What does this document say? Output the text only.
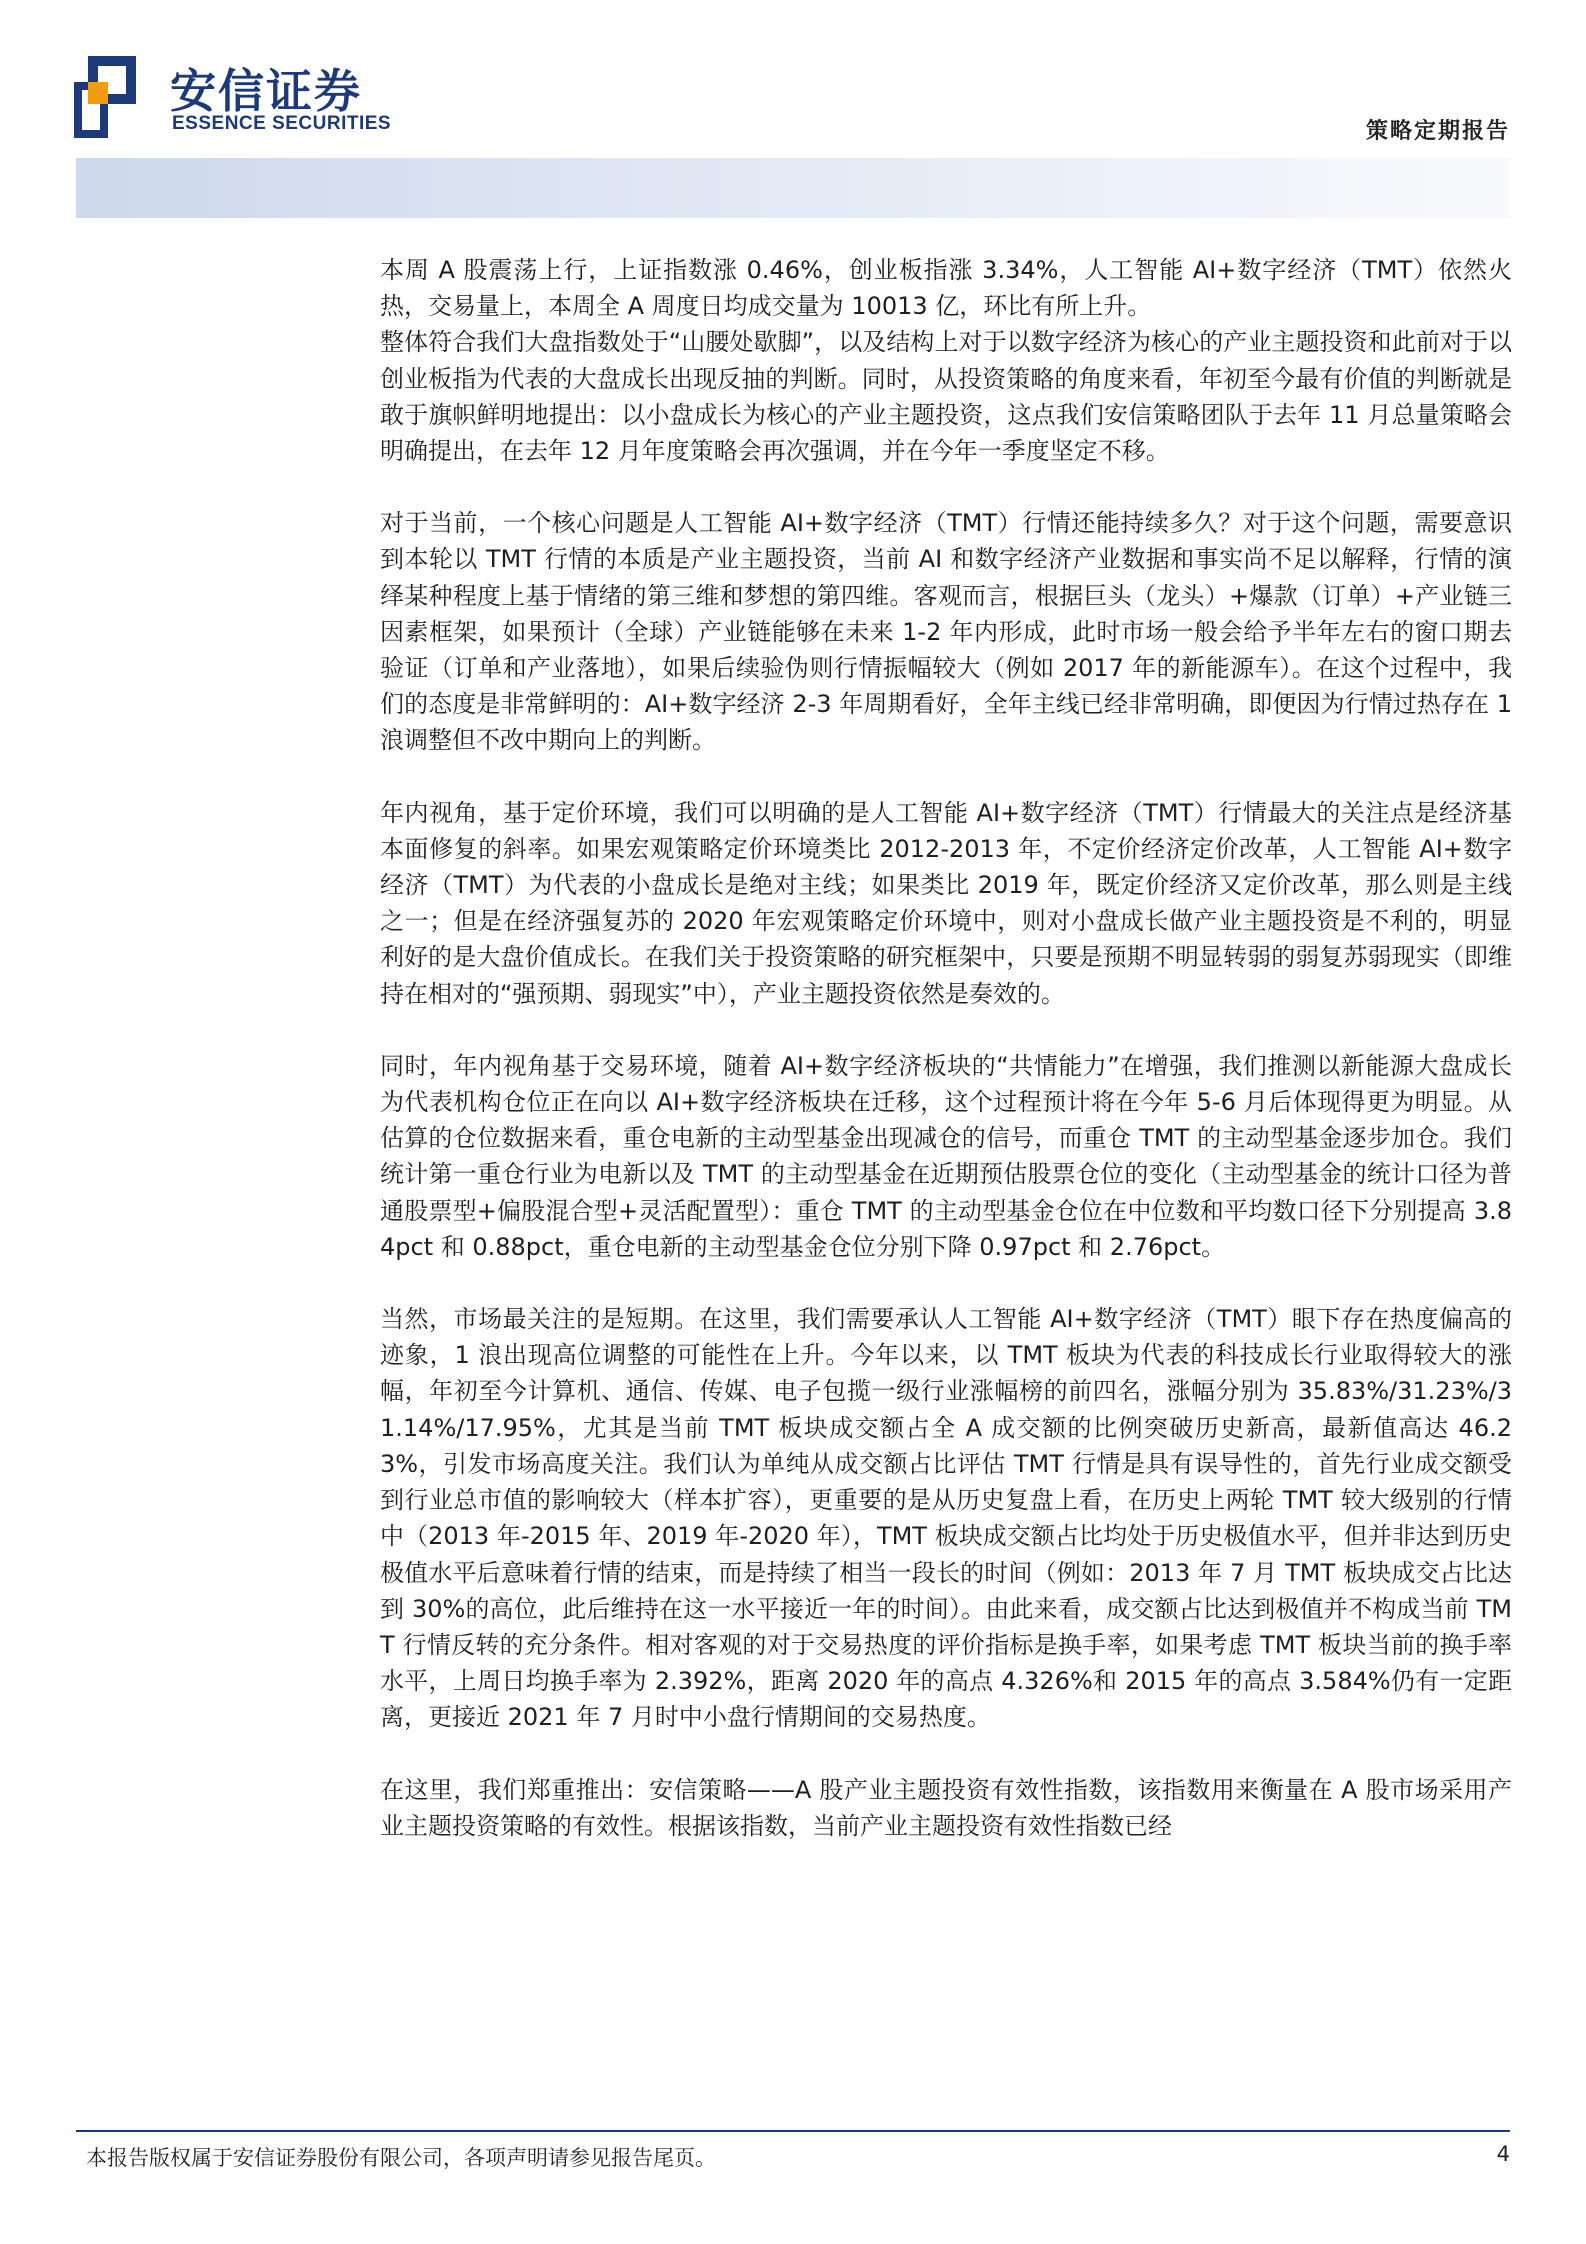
安信证券
ESSENCE SECURITIES	策略定期报告

本周 A 股震荡上行，上证指数涨 0.46%，创业板指涨 3.34%，人工智能 AI+数字经济（TMT）依然火热，交易量上，本周全 A 周度日均成交量为 10013 亿，环比有所上升。

整体符合我们大盘指数处于“山腰处歇脚”，以及结构上对于以数字经济为核心的产业主题投资和此前对于以创业板指为代表的大盘成长出现反抽的判断。同时，从投资策略的角度来看，年初至今最有价值的判断就是敢于旗帜鲜明地提出：以小盘成长为核心的产业主题投资，这点我们安信策略团队于去年 11 月总量策略会明确提出，在去年 12 月年度策略会再次强调，并在今年一季度坚定不移。

对于当前，一个核心问题是人工智能 AI+数字经济（TMT）行情还能持续多久？对于这个问题，需要意识到本轮以 TMT 行情的本质是产业主题投资，当前 AI 和数字经济产业数据和事实尚不足以解释，行情的演绎某种程度上基于情绪的第三维和梦想的第四维。客观而言，根据巨头（龙头）+爆款（订单）+产业链三因素框架，如果预计（全球）产业链能够在未来 1-2 年内形成，此时市场一般会给予半年左右的窗口期去验证（订单和产业落地），如果后续验伪则行情振幅较大（例如 2017 年的新能源车）。在这个过程中，我们的态度是非常鲜明的：AI+数字经济 2-3 年周期看好，全年主线已经非常明确，即便因为行情过热存在 1 浪调整但不改中期向上的判断。

年内视角，基于定价环境，我们可以明确的是人工智能 AI+数字经济（TMT）行情最大的关注点是经济基本面修复的斜率。如果宏观策略定价环境类比 2012-2013 年，不定价经济定价改革，人工智能 AI+数字经济（TMT）为代表的小盘成长是绝对主线；如果类比 2019 年，既定价经济又定价改革，那么则是主线之一；但是在经济强复苏的 2020 年宏观策略定价环境中，则对小盘成长做产业主题投资是不利的，明显利好的是大盘价值成长。在我们关于投资策略的研究框架中，只要是预期不明显转弱的弱复苏弱现实（即维持在相对的“强预期、弱现实”中），产业主题投资依然是奏效的。

同时，年内视角基于交易环境，随着 AI+数字经济板块的“共情能力”在增强，我们推测以新能源大盘成长为代表机构仓位正在向以 AI+数字经济板块在迁移，这个过程预计将在今年 5-6 月后体现得更为明显。从估算的仓位数据来看，重仓电新的主动型基金出现减仓的信号，而重仓 TMT 的主动型基金逐步加仓。我们统计第一重仓行业为电新以及 TMT 的主动型基金在近期预估股票仓位的变化（主动型基金的统计口径为普通股票型+偏股混合型+灵活配置型）：重仓 TMT 的主动型基金仓位在中位数和平均数口径下分别提高 3.84pct 和 0.88pct，重仓电新的主动型基金仓位分别下降 0.97pct 和 2.76pct。

当然，市场最关注的是短期。在这里，我们需要承认人工智能 AI+数字经济（TMT）眼下存在热度偏高的迹象，1 浪出现高位调整的可能性在上升。今年以来，以 TMT 板块为代表的科技成长行业取得较大的涨幅，年初至今计算机、通信、传媒、电子包揽一级行业涨幅榜的前四名，涨幅分别为 35.83%/31.23%/31.14%/17.95%，尤其是当前 TMT 板块成交额占全 A 成交额的比例突破历史新高，最新值高达 46.23%，引发市场高度关注。我们认为单纯从成交额占比评估 TMT 行情是具有误导性的，首先行业成交额受到行业总市值的影响较大（样本扩容），更重要的是从历史复盘上看，在历史上两轮 TMT 较大级别的行情中（2013 年-2015 年、2019 年-2020 年），TMT 板块成交额占比均处于历史极值水平，但并非达到历史极值水平后意味着行情的结束，而是持续了相当一段长的时间（例如：2013 年 7 月 TMT 板块成交占比达到 30%的高位，此后维持在这一水平接近一年的时间）。由此来看，成交额占比达到极值并不构成当前 TMT 行情反转的充分条件。相对客观的对于交易热度的评价指标是换手率，如果考虑 TMT 板块当前的换手率水平，上周日均换手率为 2.392%，距离 2020 年的高点 4.326%和 2015 年的高点 3.584%仍有一定距离，更接近 2021 年 7 月时中小盘行情期间的交易热度。

在这里，我们郑重推出：安信策略——A 股产业主题投资有效性指数，该指数用来衡量在 A 股市场采用产业主题投资策略的有效性。根据该指数，当前产业主题投资有效性指数已经

本报告版权属于安信证券股份有限公司，各项声明请参见报告尾页。	4
